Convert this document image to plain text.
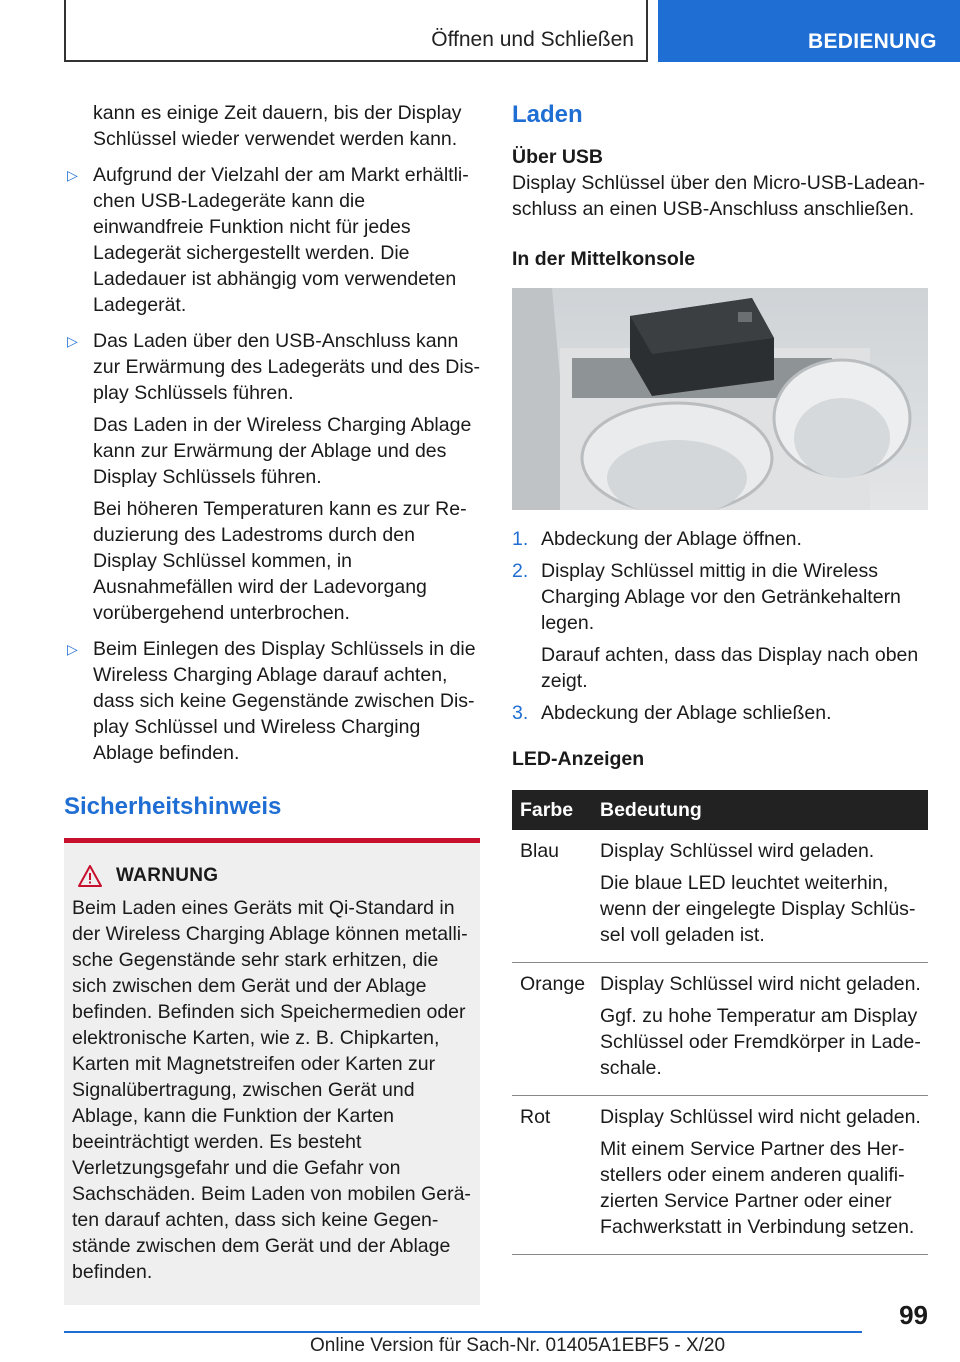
Öffnen und Schließen	BEDIENUNG

kann es einige Zeit dauern, bis der Display Schlüssel wieder verwendet werden kann.

▷ Aufgrund der Vielzahl der am Markt erhältlichen USB-Ladegeräte kann die einwandfreie Funktion nicht für jedes Ladegerät sichergestellt werden. Die Ladedauer ist abhängig vom verwendeten Ladegerät.

▷ Das Laden über den USB-Anschluss kann zur Erwärmung des Ladegeräts und des Display Schlüssels führen.

Das Laden in der Wireless Charging Ablage kann zur Erwärmung der Ablage und des Display Schlüssels führen.

Bei höheren Temperaturen kann es zur Reduzierung des Ladestroms durch den Display Schlüssel kommen, in Ausnahmefällen wird der Ladevorgang vorübergehend unterbrochen.

▷ Beim Einlegen des Display Schlüssels in die Wireless Charging Ablage darauf achten, dass sich keine Gegenstände zwischen Display Schlüssel und Wireless Charging Ablage befinden.

Sicherheitshinweis

WARNUNG

Beim Laden eines Geräts mit Qi-Standard in der Wireless Charging Ablage können metallische Gegenstände sehr stark erhitzen, die sich zwischen dem Gerät und der Ablage befinden. Befinden sich Speichermedien oder elektronische Karten, wie z. B. Chipkarten, Karten mit Magnetstreifen oder Karten zur Signalübertragung, zwischen Gerät und Ablage, kann die Funktion der Karten beeinträchtigt werden. Es besteht Verletzungsgefahr und die Gefahr von Sachschäden. Beim Laden von mobilen Geräten darauf achten, dass sich keine Gegenstände zwischen dem Gerät und der Ablage befinden.

Laden

Über USB

Display Schlüssel über den Micro-USB-Ladeanschluss an einen USB-Anschluss anschließen.

In der Mittelkonsole

1. Abdeckung der Ablage öffnen.

2. Display Schlüssel mittig in die Wireless Charging Ablage vor den Getränkehaltern legen.

Darauf achten, dass das Display nach oben zeigt.

3. Abdeckung der Ablage schließen.

LED-Anzeigen

Farbe	Bedeutung
Blau	Display Schlüssel wird geladen.

Die blaue LED leuchtet weiterhin, wenn der eingelegte Display Schlüssel voll geladen ist.

Orange	Display Schlüssel wird nicht geladen.

Ggf. zu hohe Temperatur am Display Schlüssel oder Fremdkörper in Ladeschale.

Rot	Display Schlüssel wird nicht geladen.

Mit einem Service Partner des Herstellers oder einem anderen qualifizierten Service Partner oder einer Fachwerkstatt in Verbindung setzen.

99
Online Version für Sach-Nr. 01405A1EBF5 - X/20
